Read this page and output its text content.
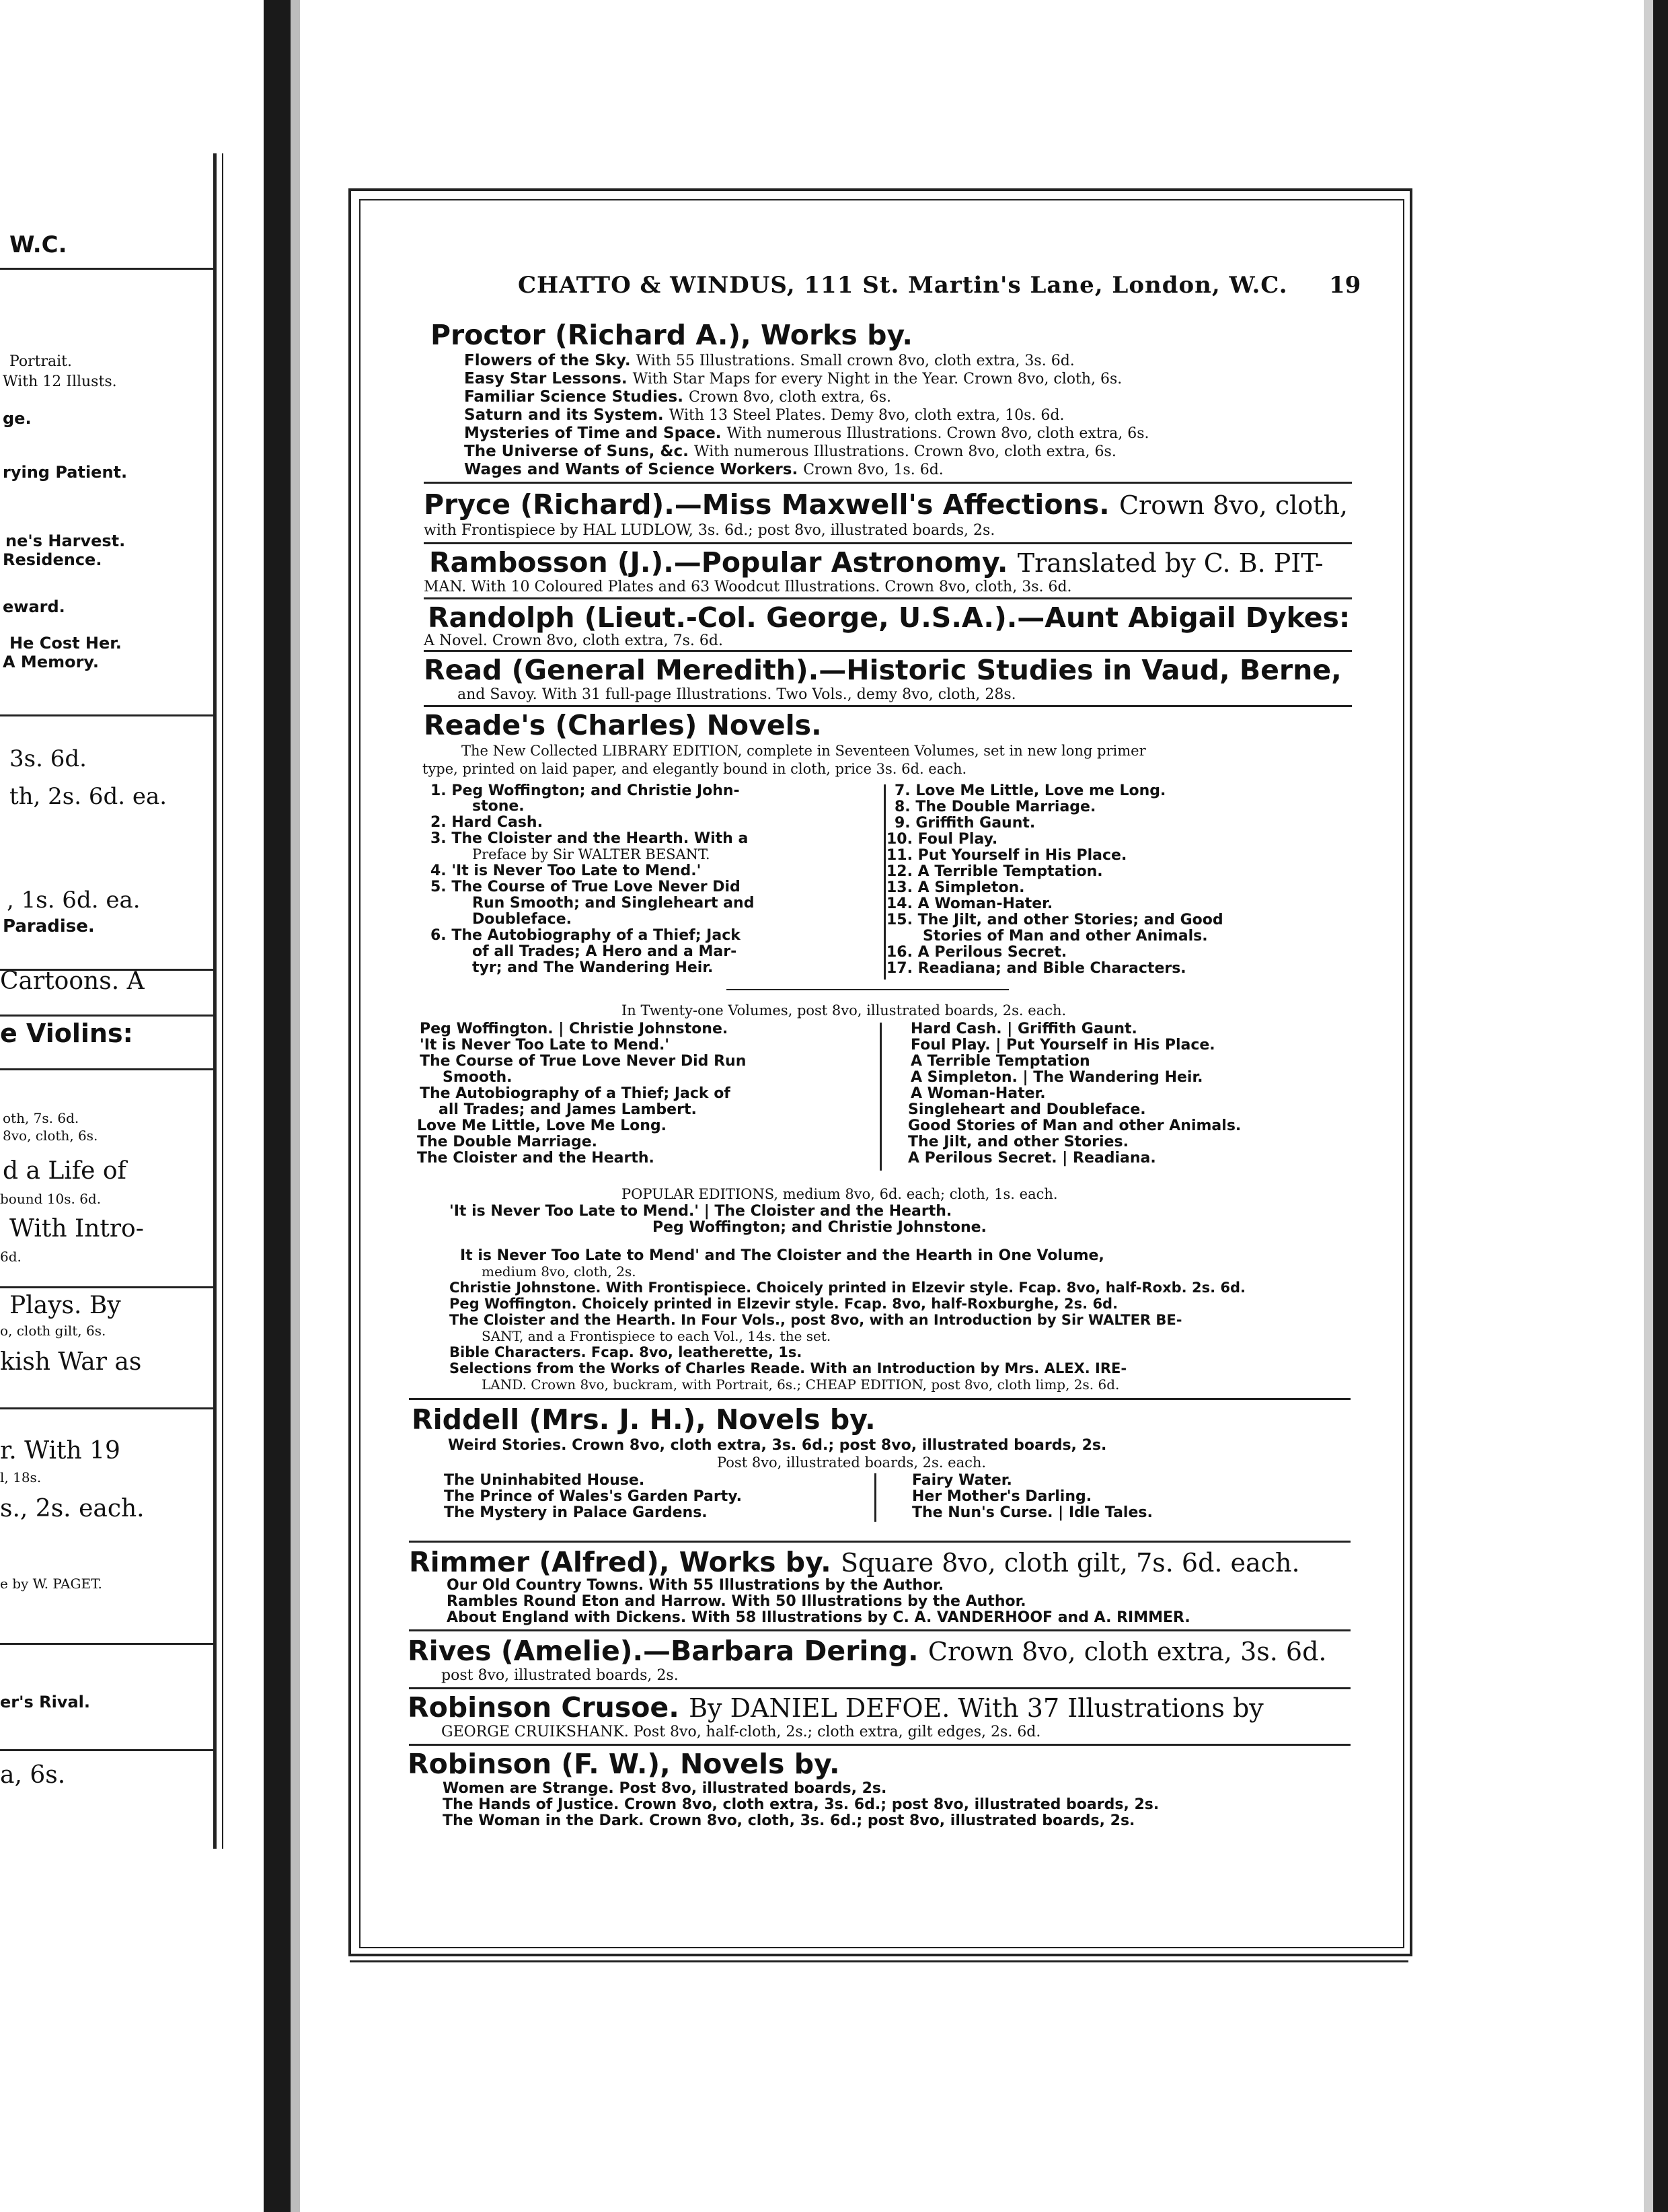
W.C.
Portrait.
With 12 Illusts.
ge.
rying Patient.
ne's Harvest.
Residence.
eward.
He Cost Her.
A Memory.
3s. 6d.
th, 2s. 6d. ea.
, 1s. 6d. ea.
Paradise.
Cartoons. A
e Violins:
oth, 7s. 6d.
8vo, cloth, 6s.
d a Life of
bound 10s. 6d.
With Intro-
6d.
Plays. By
o, cloth gilt, 6s.
kish War as
r. With 19
l, 18s.
s., 2s. each.
e by W. PAGET.
er's Rival.
a, 6s.
CHATTO & WINDUS, 111 St. Martin's Lane, London, W.C. 19
Proctor (Richard A.), Works by.
Flowers of the Sky. With 55 Illustrations. Small crown 8vo, cloth extra, 3s. 6d.
Easy Star Lessons. With Star Maps for every Night in the Year. Crown 8vo, cloth, 6s.
Familiar Science Studies. Crown 8vo, cloth extra, 6s.
Saturn and its System. With 13 Steel Plates. Demy 8vo, cloth extra, 10s. 6d.
Mysteries of Time and Space. With numerous Illustrations. Crown 8vo, cloth extra, 6s.
The Universe of Suns, &c. With numerous Illustrations. Crown 8vo, cloth extra, 6s.
Wages and Wants of Science Workers. Crown 8vo, 1s. 6d.
Pryce (Richard).—Miss Maxwell's Affections. Crown 8vo, cloth,
with Frontispiece by HAL LUDLOW, 3s. 6d.; post 8vo, illustrated boards, 2s.
Rambosson (J.).—Popular Astronomy. Translated by C. B. PIT-
MAN. With 10 Coloured Plates and 63 Woodcut Illustrations. Crown 8vo, cloth, 3s. 6d.
Randolph (Lieut.-Col. George, U.S.A.).—Aunt Abigail Dykes:
A Novel. Crown 8vo, cloth extra, 7s. 6d.
Read (General Meredith).—Historic Studies in Vaud, Berne,
and Savoy. With 31 full-page Illustrations. Two Vols., demy 8vo, cloth, 28s.
Reade's (Charles) Novels.
The New Collected LIBRARY EDITION, complete in Seventeen Volumes, set in new long primer
type, printed on laid paper, and elegantly bound in cloth, price 3s. 6d. each.
1. Peg Woffington; and Christie John-
stone.
2. Hard Cash.
3. The Cloister and the Hearth. With a
Preface by Sir WALTER BESANT.
4. 'It is Never Too Late to Mend.'
5. The Course of True Love Never Did
Run Smooth; and Singleheart and
Doubleface.
6. The Autobiography of a Thief; Jack
of all Trades; A Hero and a Mar-
tyr; and The Wandering Heir.
7. Love Me Little, Love me Long.
8. The Double Marriage.
9. Griffith Gaunt.
10. Foul Play.
11. Put Yourself in His Place.
12. A Terrible Temptation.
13. A Simpleton.
14. A Woman-Hater.
15. The Jilt, and other Stories; and Good
Stories of Man and other Animals.
16. A Perilous Secret.
17. Readiana; and Bible Characters.
In Twenty-one Volumes, post 8vo, illustrated boards, 2s. each.
Peg Woffington. | Christie Johnstone.
'It is Never Too Late to Mend.'
The Course of True Love Never Did Run
Smooth.
The Autobiography of a Thief; Jack of
all Trades; and James Lambert.
Love Me Little, Love Me Long.
The Double Marriage.
The Cloister and the Hearth.
Hard Cash. | Griffith Gaunt.
Foul Play. | Put Yourself in His Place.
A Terrible Temptation
A Simpleton. | The Wandering Heir.
A Woman-Hater.
Singleheart and Doubleface.
Good Stories of Man and other Animals.
The Jilt, and other Stories.
A Perilous Secret. | Readiana.
POPULAR EDITIONS, medium 8vo, 6d. each; cloth, 1s. each.
'It is Never Too Late to Mend.' | The Cloister and the Hearth.
Peg Woffington; and Christie Johnstone.
It is Never Too Late to Mend' and The Cloister and the Hearth in One Volume,
medium 8vo, cloth, 2s.
Christie Johnstone. With Frontispiece. Choicely printed in Elzevir style. Fcap. 8vo, half-Roxb. 2s. 6d.
Peg Woffington. Choicely printed in Elzevir style. Fcap. 8vo, half-Roxburghe, 2s. 6d.
The Cloister and the Hearth. In Four Vols., post 8vo, with an Introduction by Sir WALTER BE-
SANT, and a Frontispiece to each Vol., 14s. the set.
Bible Characters. Fcap. 8vo, leatherette, 1s.
Selections from the Works of Charles Reade. With an Introduction by Mrs. ALEX. IRE-
LAND. Crown 8vo, buckram, with Portrait, 6s.; CHEAP EDITION, post 8vo, cloth limp, 2s. 6d.
Riddell (Mrs. J. H.), Novels by.
Weird Stories. Crown 8vo, cloth extra, 3s. 6d.; post 8vo, illustrated boards, 2s.
Post 8vo, illustrated boards, 2s. each.
The Uninhabited House.
The Prince of Wales's Garden Party.
The Mystery in Palace Gardens.
Fairy Water.
Her Mother's Darling.
The Nun's Curse. | Idle Tales.
Rimmer (Alfred), Works by. Square 8vo, cloth gilt, 7s. 6d. each.
Our Old Country Towns. With 55 Illustrations by the Author.
Rambles Round Eton and Harrow. With 50 Illustrations by the Author.
About England with Dickens. With 58 Illustrations by C. A. VANDERHOOF and A. RIMMER.
Rives (Amelie).—Barbara Dering. Crown 8vo, cloth extra, 3s. 6d.
post 8vo, illustrated boards, 2s.
Robinson Crusoe. By DANIEL DEFOE. With 37 Illustrations by
GEORGE CRUIKSHANK. Post 8vo, half-cloth, 2s.; cloth extra, gilt edges, 2s. 6d.
Robinson (F. W.), Novels by.
Women are Strange. Post 8vo, illustrated boards, 2s.
The Hands of Justice. Crown 8vo, cloth extra, 3s. 6d.; post 8vo, illustrated boards, 2s.
The Woman in the Dark. Crown 8vo, cloth, 3s. 6d.; post 8vo, illustrated boards, 2s.
